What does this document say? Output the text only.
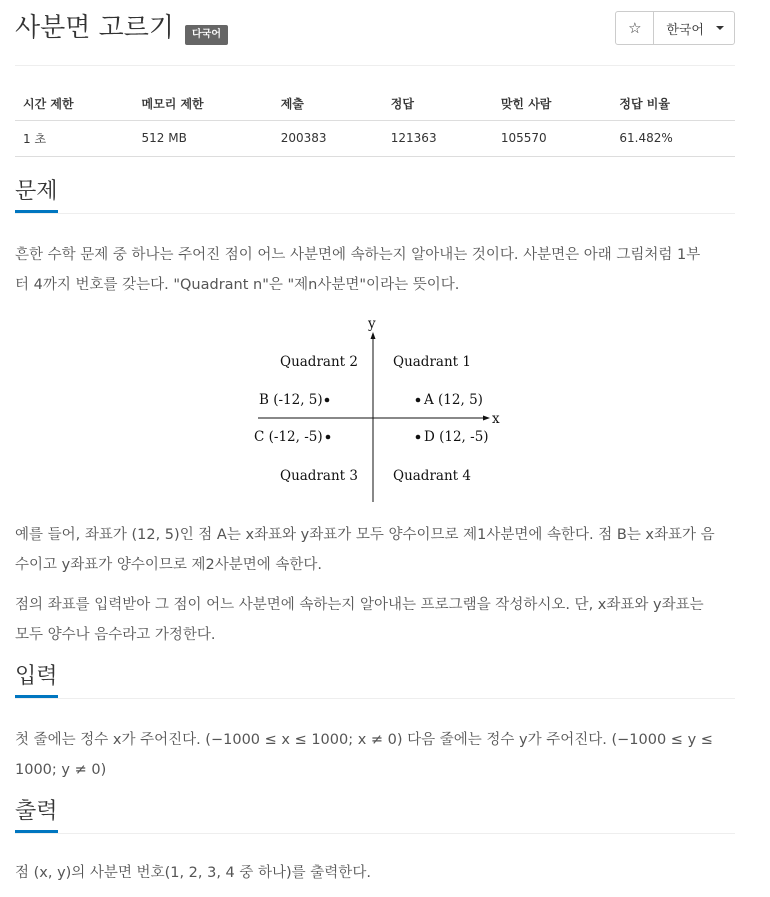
사분면 고르기	다국어	☆ 한국어
시간 제한	메모리 제한	제출	정답	맞힌 사람	정답 비율
1 초	512 MB	200383	121363	105570	61.482%
문제
흔한 수학 문제 중 하나는 주어진 점이 어느 사분면에 속하는지 알아내는 것이다. 사분면은 아래 그림처럼 1부
터 4까지 번호를 갖는다. "Quadrant n"은 "제n사분면"이라는 뜻이다.
y
x
Quadrant 2	Quadrant 1
Quadrant 3	Quadrant 4
B (-12, 5)	A (12, 5)
C (-12, -5)	D (12, -5)
예를 들어, 좌표가 (12, 5)인 점 A는 x좌표와 y좌표가 모두 양수이므로 제1사분면에 속한다. 점 B는 x좌표가 음
수이고 y좌표가 양수이므로 제2사분면에 속한다.
점의 좌표를 입력받아 그 점이 어느 사분면에 속하는지 알아내는 프로그램을 작성하시오. 단, x좌표와 y좌표는
모두 양수나 음수라고 가정한다.
입력
첫 줄에는 정수 x가 주어진다. (−1000 ≤ x ≤ 1000; x ≠ 0) 다음 줄에는 정수 y가 주어진다. (−1000 ≤ y ≤
1000; y ≠ 0)
출력
점 (x, y)의 사분면 번호(1, 2, 3, 4 중 하나)를 출력한다.
